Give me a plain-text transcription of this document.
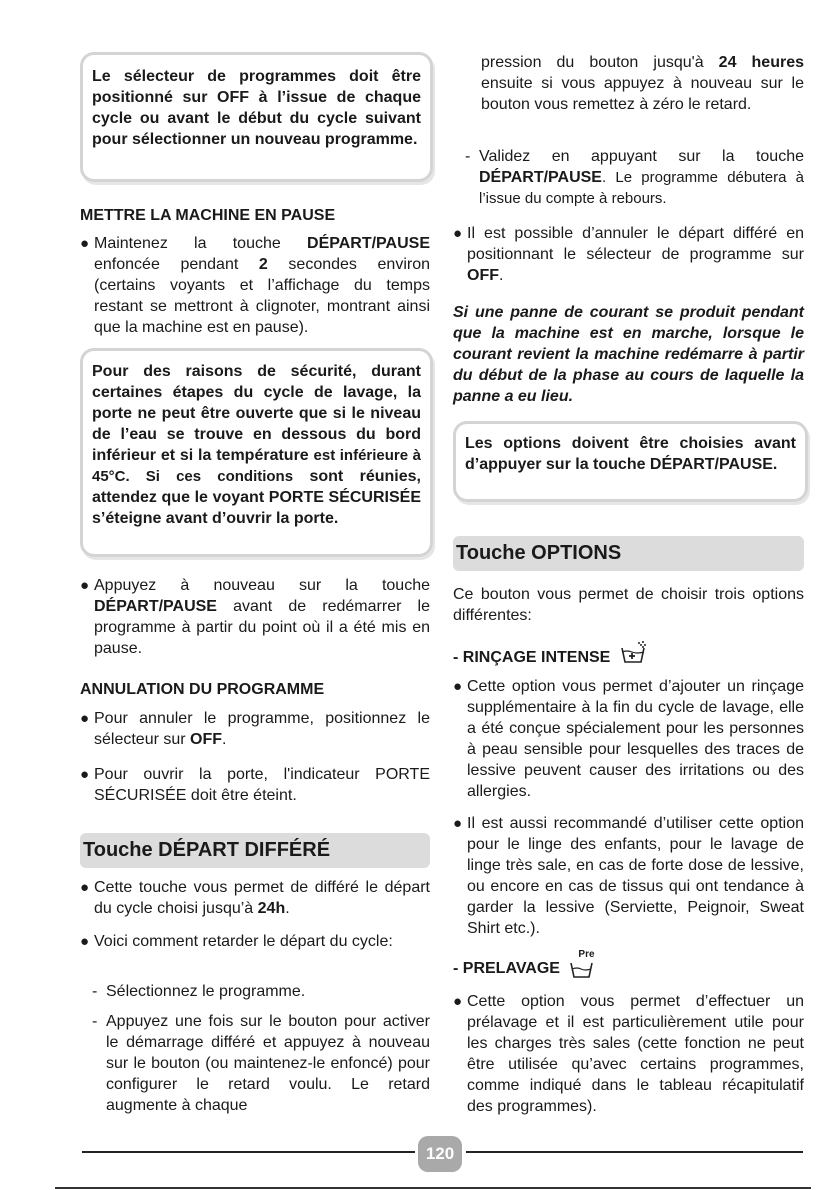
Le sélecteur de programmes doit être positionné sur OFF à l’issue de chaque cycle ou avant le début du cycle suivant pour sélectionner un nouveau programme.
METTRE LA MACHINE EN PAUSE
● Maintenez la touche DÉPART/PAUSE enfoncée pendant 2 secondes environ (certains voyants et l’affichage du temps restant se mettront à clignoter, montrant ainsi que la machine est en pause).
Pour des raisons de sécurité, durant certaines étapes du cycle de lavage, la porte ne peut être ouverte que si le niveau de l’eau se trouve en dessous du bord inférieur et si la température est inférieure à 45°C. Si ces conditions sont réunies, attendez que le voyant PORTE SÉCURISÉE s’éteigne avant d’ouvrir la porte.
● Appuyez à nouveau sur la touche DÉPART/PAUSE avant de redémarrer le programme à partir du point où il a été mis en pause.
ANNULATION DU PROGRAMME
● Pour annuler le programme, positionnez le sélecteur sur OFF.
● Pour ouvrir la porte, l'indicateur PORTE SÉCURISÉE doit être éteint.
Touche DÉPART DIFFÉRÉ
● Cette touche vous permet de différé le départ du cycle choisi jusqu’à 24h.
● Voici comment retarder le départ du cycle:
- Sélectionnez le programme.
- Appuyez une fois sur le bouton pour activer le démarrage différé et appuyez à nouveau sur le bouton (ou maintenez-le enfoncé) pour configurer le retard voulu. Le retard augmente à chaque
pression du bouton jusqu'à 24 heures ensuite si vous appuyez à nouveau sur le bouton vous remettez à zéro le retard.
- Validez en appuyant sur la touche DÉPART/PAUSE. Le programme débutera à l’issue du compte à rebours.
● Il est possible d’annuler le départ différé en positionnant le sélecteur de programme sur OFF.
Si une panne de courant se produit pendant que la machine est en marche, lorsque le courant revient la machine redémarre à partir du début de la phase au cours de laquelle la panne a eu lieu.
Les options doivent être choisies avant d’appuyer sur la touche DÉPART/PAUSE.
Touche OPTIONS
Ce bouton vous permet de choisir trois options différentes:
- RINÇAGE INTENSE
● Cette option vous permet d’ajouter un rinçage supplémentaire à la fin du cycle de lavage, elle a été conçue spécialement pour les personnes à peau sensible pour lesquelles des traces de lessive peuvent causer des irritations ou des allergies.
● Il est aussi recommandé d’utiliser cette option pour le linge des enfants, pour le lavage de linge très sale, en cas de forte dose de lessive, ou encore en cas de tissus qui ont tendance à garder la lessive (Serviette, Peignoir, Sweat Shirt etc.).
- PRELAVAGE
Pre
● Cette option vous permet d’effectuer un prélavage et il est particulièrement utile pour les charges très sales (cette fonction ne peut être utilisée qu’avec certains programmes, comme indiqué dans le tableau récapitulatif des programmes).
120
